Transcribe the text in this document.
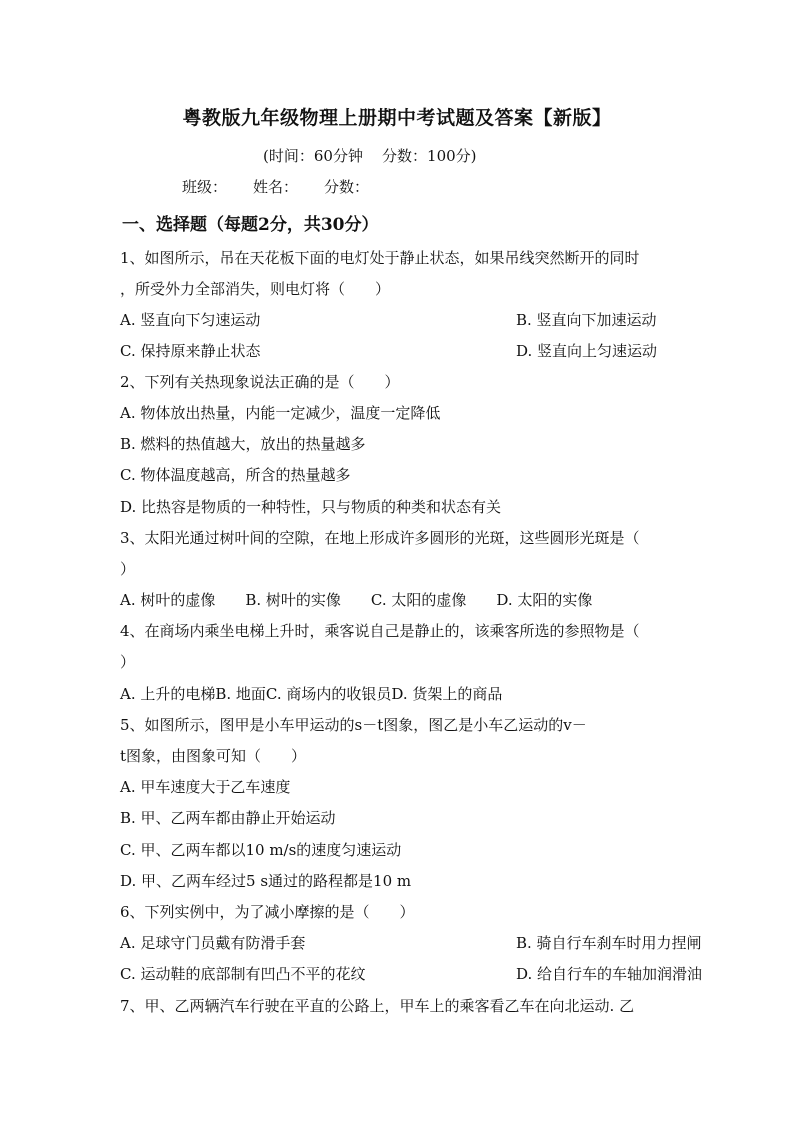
粤教版九年级物理上册期中考试题及答案【新版】
(时间：60分钟 分数：100分)
班级： 姓名： 分数：
一、选择题（每题2分，共30分）
1、如图所示，吊在天花板下面的电灯处于静止状态，如果吊线突然断开的同时
，所受外力全部消失，则电灯将（　　）
A. 竖直向下匀速运动	B. 竖直向下加速运动
C. 保持原来静止状态	D. 竖直向上匀速运动
2、下列有关热现象说法正确的是（　　）
A. 物体放出热量，内能一定减少，温度一定降低
B. 燃料的热值越大，放出的热量越多
C. 物体温度越高，所含的热量越多
D. 比热容是物质的一种特性，只与物质的种类和状态有关
3、太阳光通过树叶间的空隙，在地上形成许多圆形的光斑，这些圆形光斑是（
）
A. 树叶的虚像　　B. 树叶的实像　　C. 太阳的虚像　　D. 太阳的实像
4、在商场内乘坐电梯上升时，乘客说自己是静止的，该乘客所选的参照物是（
）
A. 上升的电梯B. 地面C. 商场内的收银员D. 货架上的商品
5、如图所示，图甲是小车甲运动的s－t图象，图乙是小车乙运动的v－
t图象，由图象可知（　　）
A. 甲车速度大于乙车速度
B. 甲、乙两车都由静止开始运动
C. 甲、乙两车都以10 m/s的速度匀速运动
D. 甲、乙两车经过5 s通过的路程都是10 m
6、下列实例中，为了减小摩擦的是（　　）
A. 足球守门员戴有防滑手套	B. 骑自行车刹车时用力捏闸
C. 运动鞋的底部制有凹凸不平的花纹	D. 给自行车的车轴加润滑油
7、甲、乙两辆汽车行驶在平直的公路上，甲车上的乘客看乙车在向北运动. 乙
